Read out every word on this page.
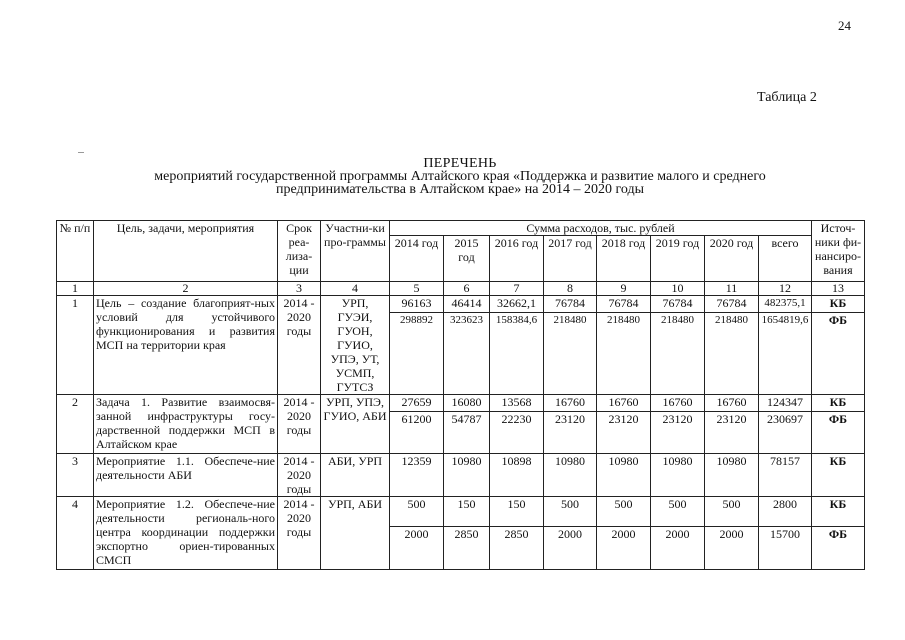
24
Таблица 2
ПЕРЕЧЕНЬ
мероприятий государственной программы Алтайского края «Поддержка и развитие малого и среднего
предпринимательства в Алтайском крае» на 2014 – 2020 годы
№ п/п	Цель, задачи, мероприятия	Срок реа-лиза-ции	Участни-ки про-граммы	Сумма расходов, тыс. рублей								Источ-ники фи-нансиро-вания
				2014 год	2015 год	2016 год	2017 год	2018 год	2019 год	2020 год	всего	
1	2	3	4	5	6	7	8	9	10	11	12	13
1	Цель – создание благоприят-ных условий для устойчивого функционирования и развития МСП на территории края	2014 - 2020 годы	УРП, ГУЭИ, ГУОН, ГУИО, УПЭ, УТ, УСМП, ГУТСЗ	96163	46414	32662,1	76784	76784	76784	76784	482375,1	КБ
				298892	323623	158384,6	218480	218480	218480	218480	1654819,6	ФБ
2	Задача 1. Развитие взаимосвя-занной инфраструктуры госу-дарственной поддержки МСП в Алтайском крае	2014 - 2020 годы	УРП, УПЭ, ГУИО, АБИ	27659	16080	13568	16760	16760	16760	16760	124347	КБ
				61200	54787	22230	23120	23120	23120	23120	230697	ФБ
3	Мероприятие 1.1. Обеспече-ние деятельности АБИ	2014 - 2020 годы	АБИ, УРП	12359	10980	10898	10980	10980	10980	10980	78157	КБ
4	Мероприятие 1.2. Обеспече-ние деятельности региональ-ного центра координации поддержки экспортно ориен-тированных СМСП	2014 - 2020 годы	УРП, АБИ	500	150	150	500	500	500	500	2800	КБ
				2000	2850	2850	2000	2000	2000	2000	15700	ФБ
